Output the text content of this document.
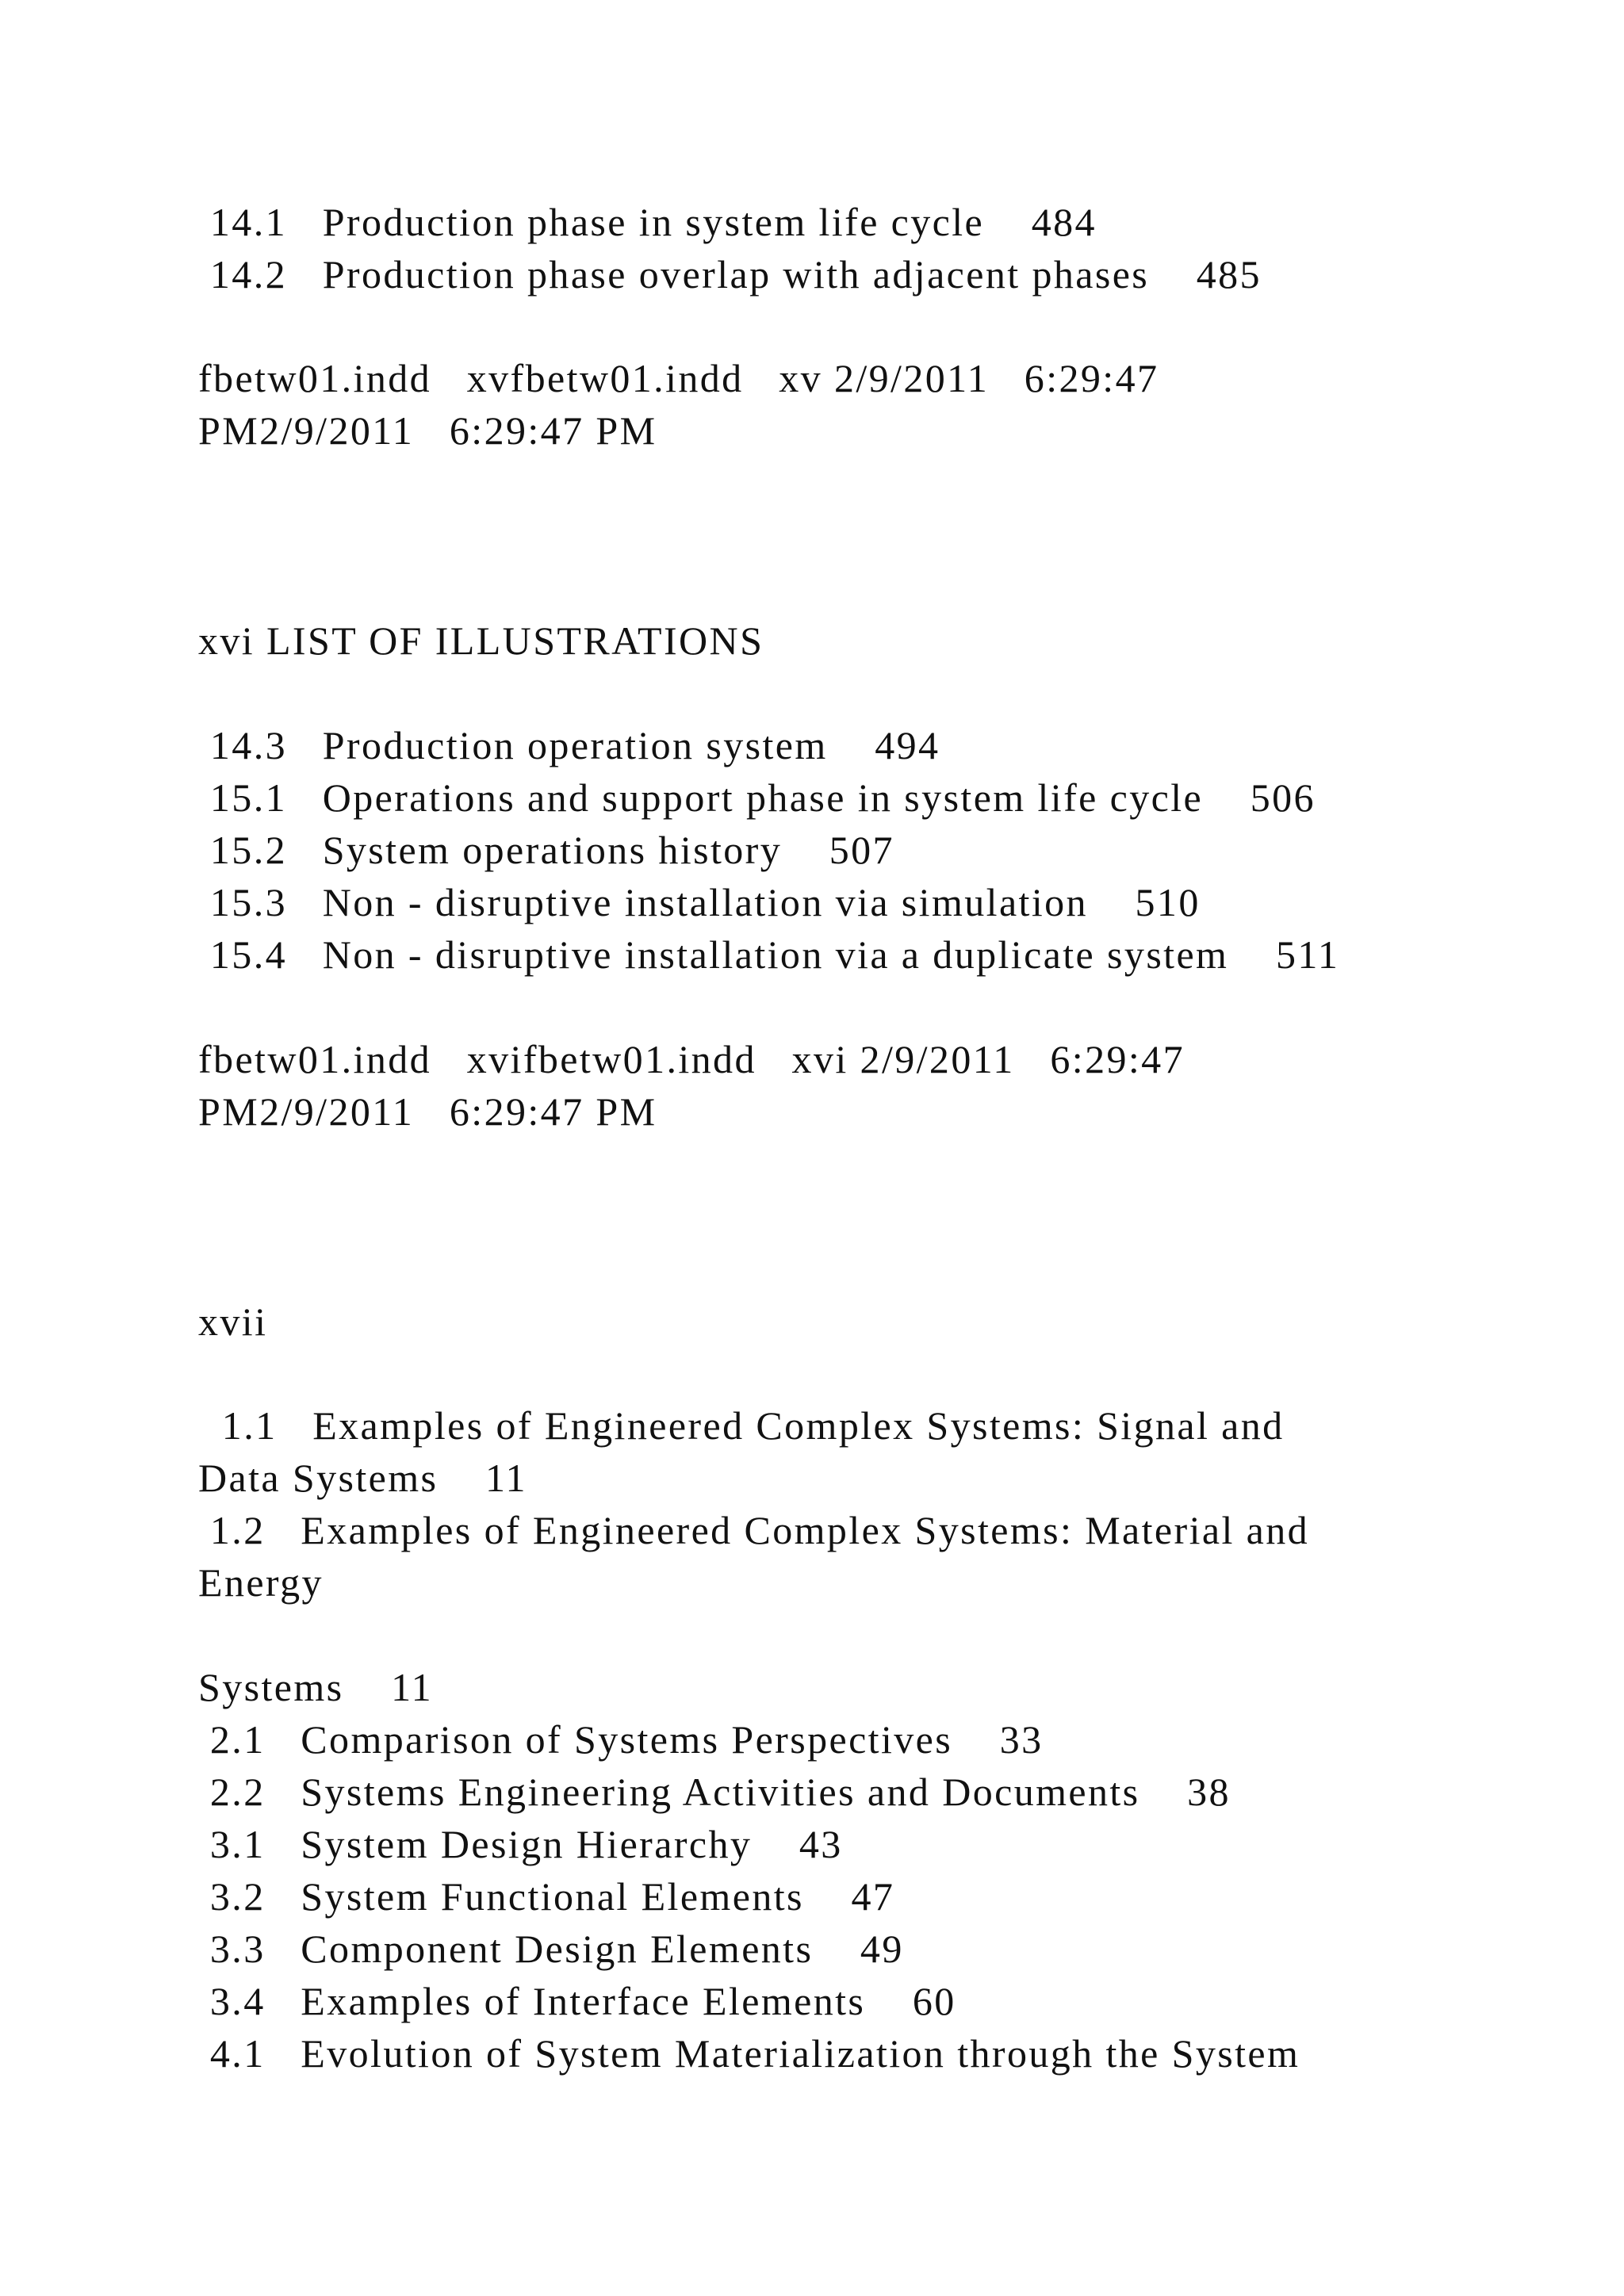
14.1   Production phase in system life cycle    484

14.2   Production phase overlap with adjacent phases    485

fbetw01.indd   xvfbetw01.indd   xv 2/9/2011   6:29:47

PM2/9/2011   6:29:47 PM

xvi LIST OF ILLUSTRATIONS

14.3   Production operation system    494

15.1   Operations and support phase in system life cycle    506

15.2   System operations history    507

15.3   Non - disruptive installation via simulation    510

15.4   Non - disruptive installation via a duplicate system    511

fbetw01.indd   xvifbetw01.indd   xvi 2/9/2011   6:29:47

PM2/9/2011   6:29:47 PM

xvii

1.1   Examples of Engineered Complex Systems: Signal and

Data Systems    11

1.2   Examples of Engineered Complex Systems: Material and

Energy

Systems    11

2.1   Comparison of Systems Perspectives    33

2.2   Systems Engineering Activities and Documents    38

3.1   System Design Hierarchy    43

3.2   System Functional Elements    47

3.3   Component Design Elements    49

3.4   Examples of Interface Elements    60

4.1   Evolution of System Materialization through the System
